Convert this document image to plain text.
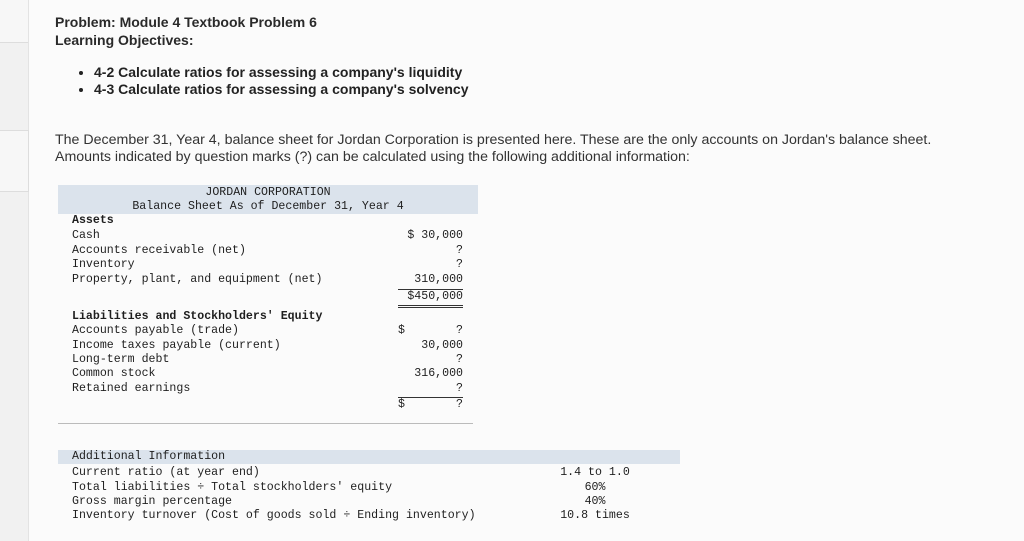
Problem: Module 4 Textbook Problem 6
Learning Objectives:
• 4-2 Calculate ratios for assessing a company's liquidity
• 4-3 Calculate ratios for assessing a company's solvency
The December 31, Year 4, balance sheet for Jordan Corporation is presented here. These are the only accounts on Jordan's balance sheet. Amounts indicated by question marks (?) can be calculated using the following additional information:
JORDAN CORPORATION
Balance Sheet As of December 31, Year 4
Assets
Cash	$ 30,000
Accounts receivable (net)	?
Inventory	?
Property, plant, and equipment (net)	310,000
$450,000
Liabilities and Stockholders' Equity
Accounts payable (trade)	$	?
Income taxes payable (current)	30,000
Long-term debt	?
Common stock	316,000
Retained earnings	?
$	?
Additional Information
Current ratio (at year end)	1.4 to 1.0
Total liabilities ÷ Total stockholders' equity	60%
Gross margin percentage	40%
Inventory turnover (Cost of goods sold ÷ Ending inventory)	10.8 times
